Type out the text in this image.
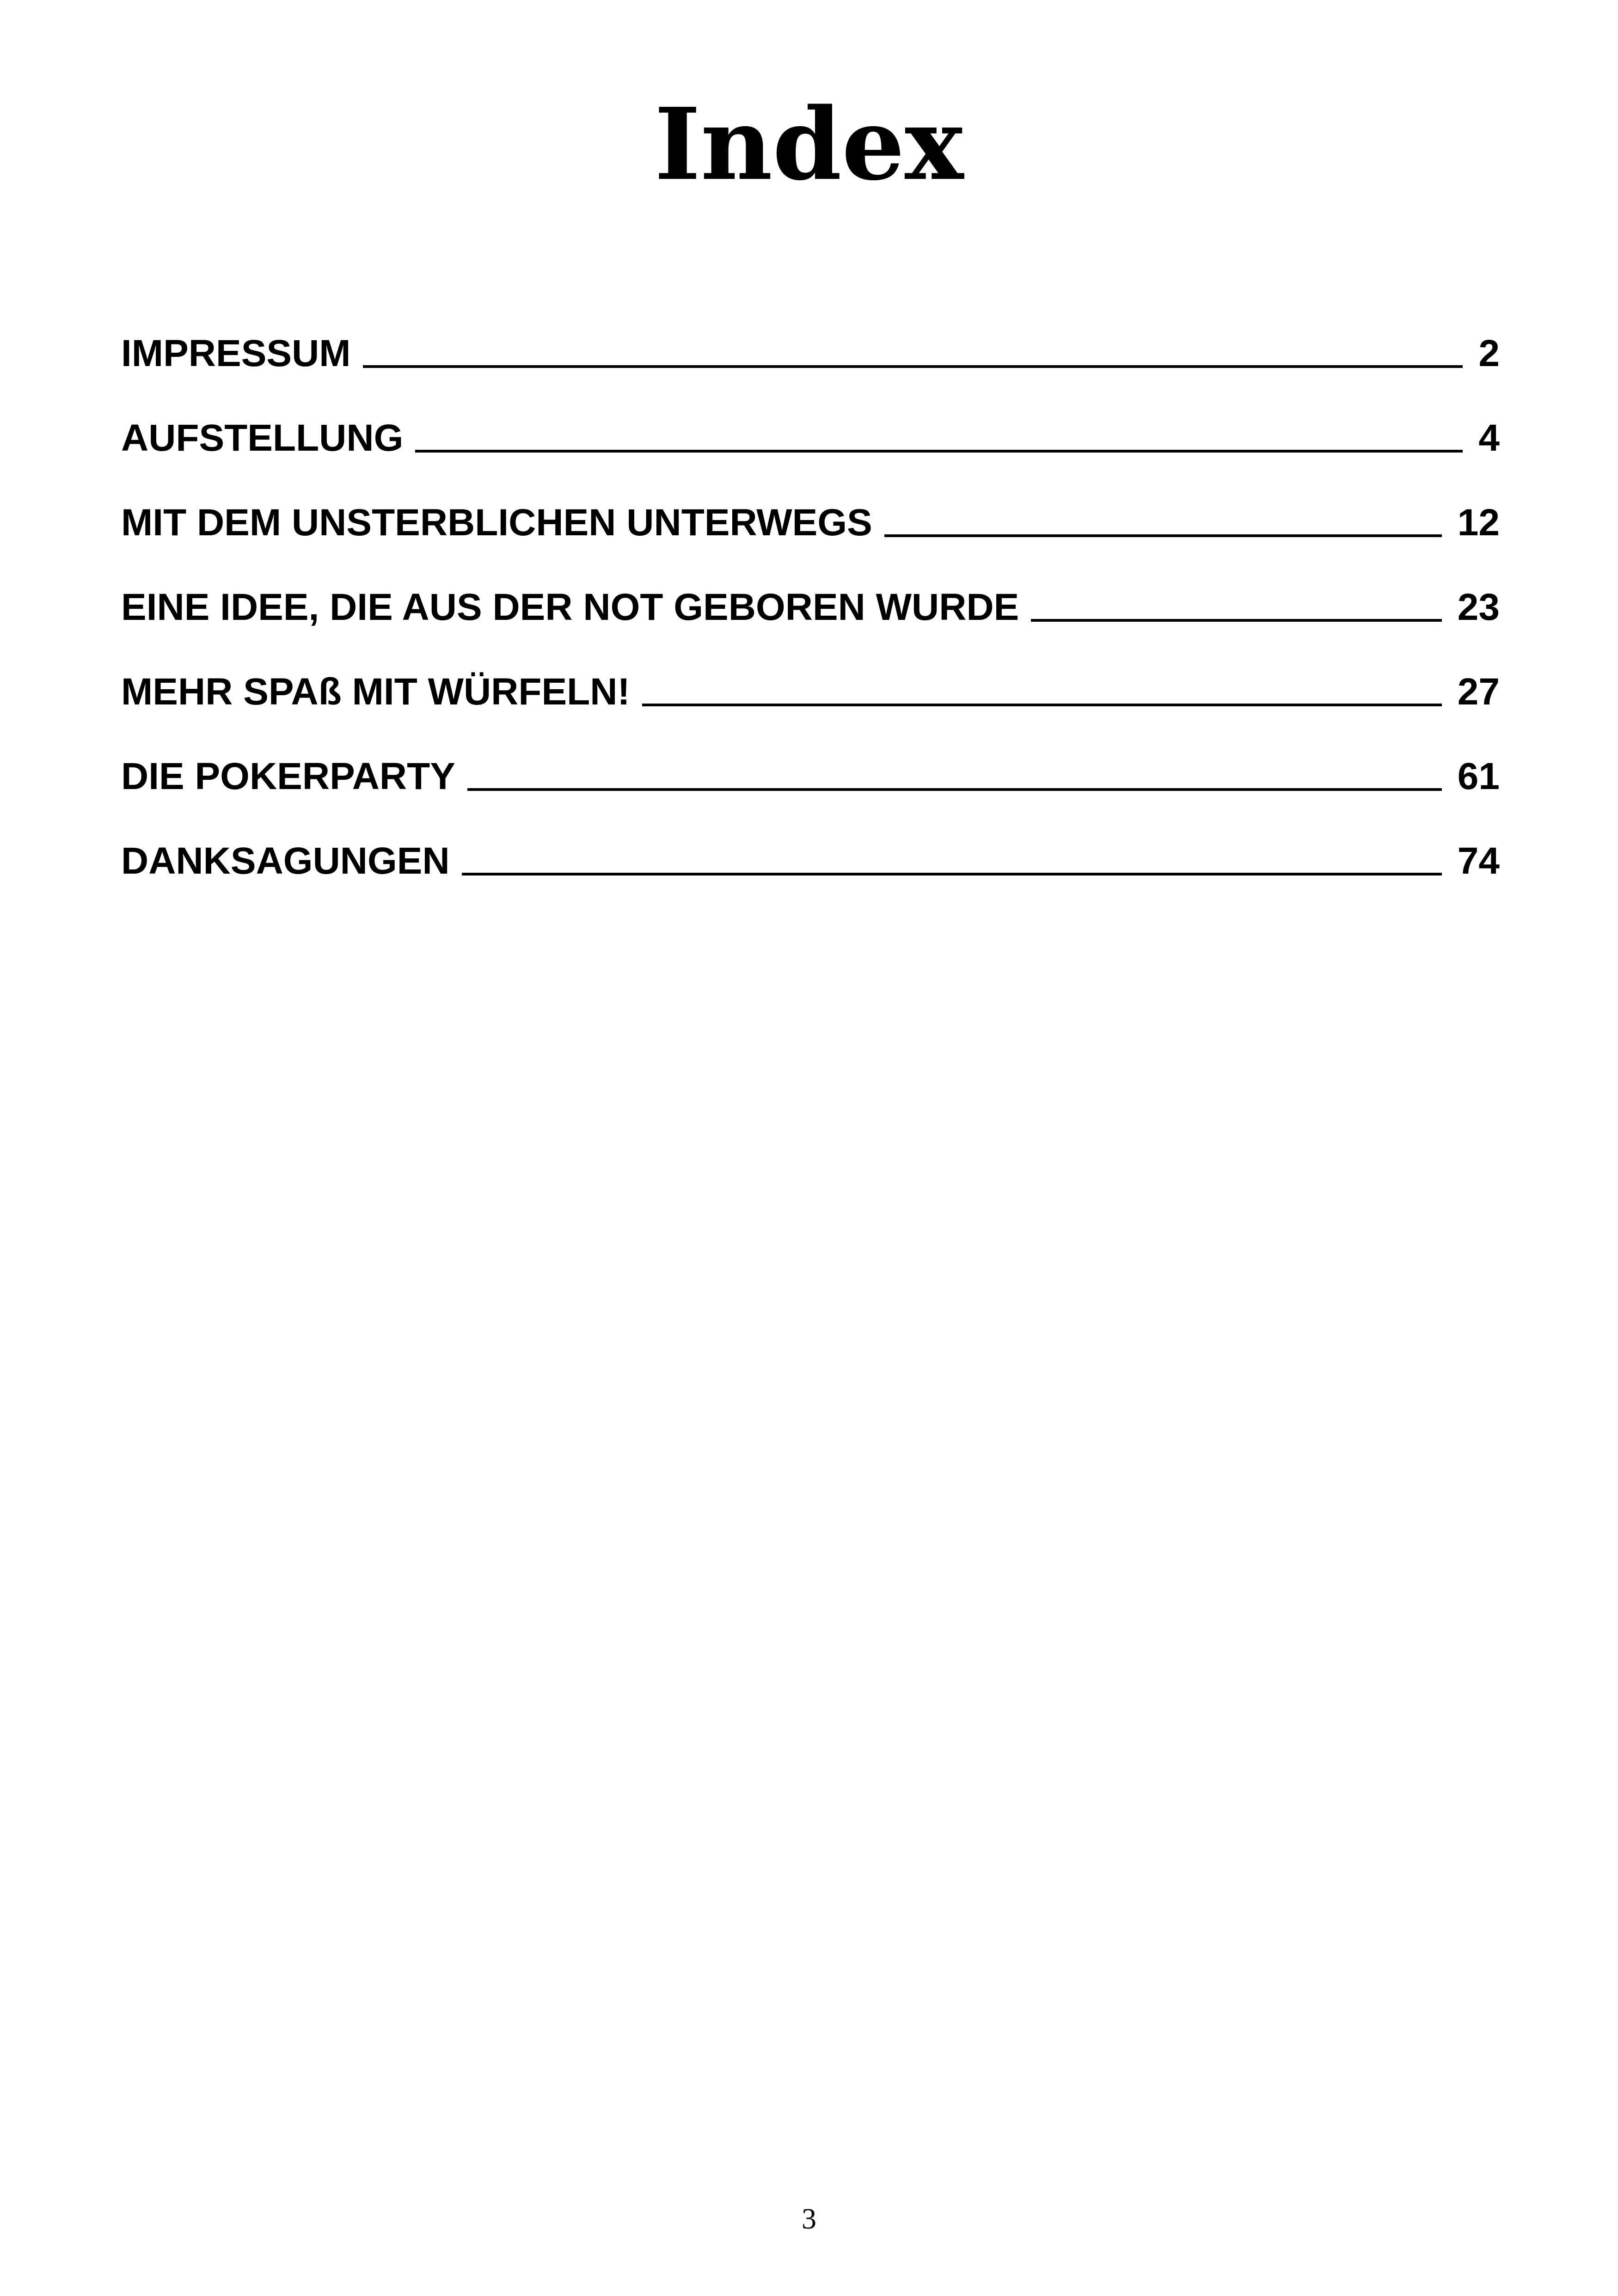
Index
IMPRESSUM	2
AUFSTELLUNG	4
MIT DEM UNSTERBLICHEN UNTERWEGS	12
EINE IDEE, DIE AUS DER NOT GEBOREN WURDE	23
MEHR SPAß MIT WÜRFELN!	27
DIE POKERPARTY	61
DANKSAGUNGEN	74
3
